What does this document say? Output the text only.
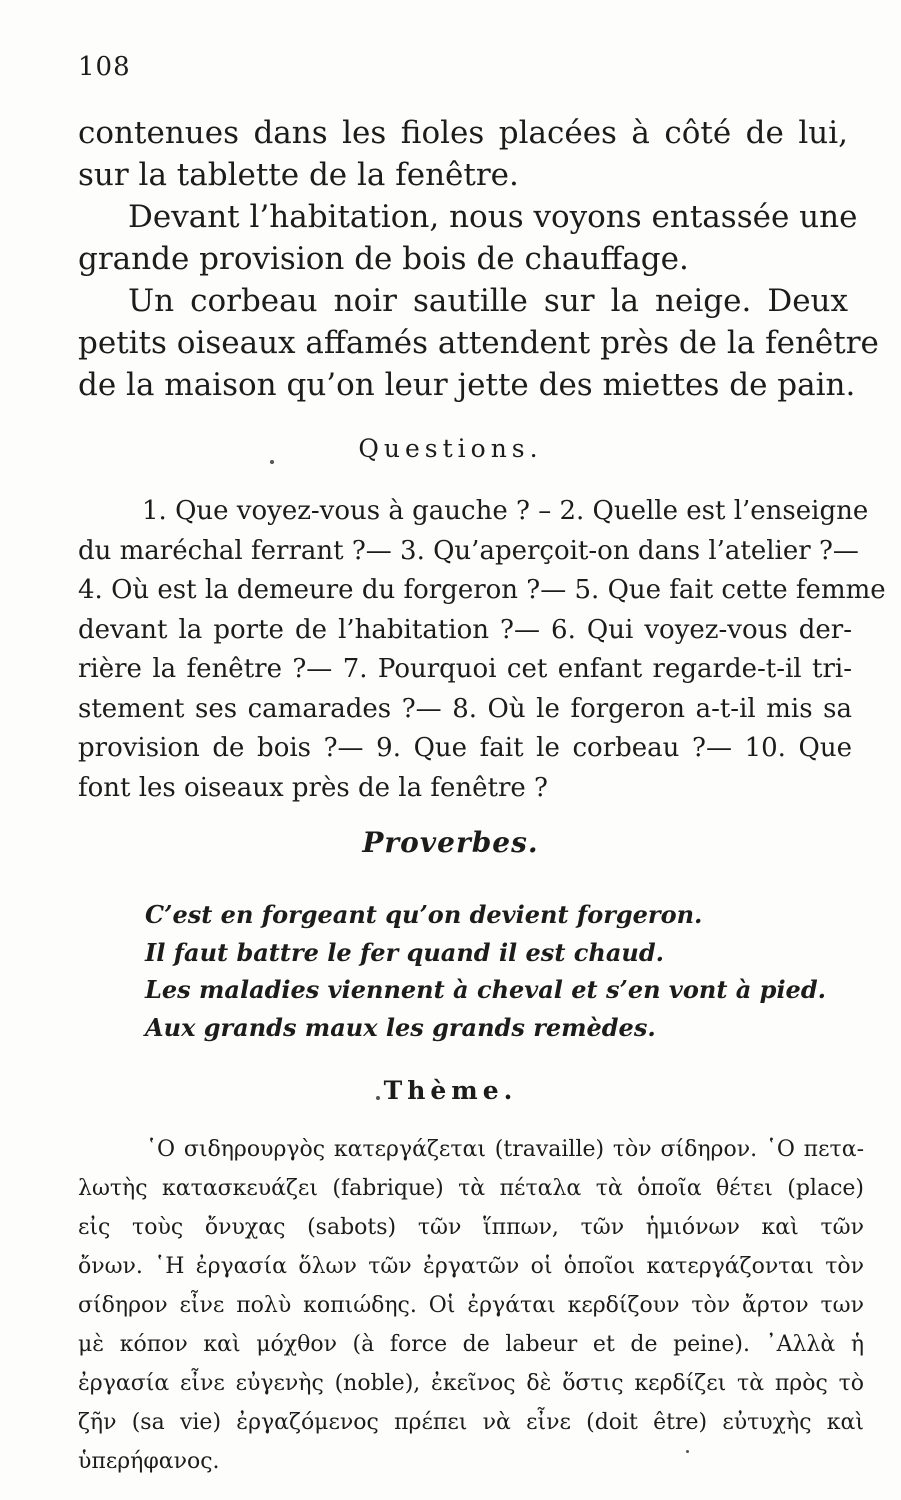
108

contenues dans les fioles placées à côté de lui,
sur la tablette de la fenêtre.

Devant l’habitation, nous voyons entassée une
grande provision de bois de chauffage.

Un corbeau noir sautille sur la neige. Deux
petits oiseaux affamés attendent près de la fenêtre
de la maison qu’on leur jette des miettes de pain.

Questions.

1. Que voyez-vous à gauche ? – 2. Quelle est l’enseigne
du maréchal ferrant ?— 3. Qu’aperçoit-on dans l’atelier ?—
4. Où est la demeure du forgeron ?— 5. Que fait cette femme
devant la porte de l’habitation ?— 6. Qui voyez-vous der-
rière la fenêtre ?— 7. Pourquoi cet enfant regarde-t-il tri-
stement ses camarades ?— 8. Où le forgeron a-t-il mis sa
provision de bois ?— 9. Que fait le corbeau ?— 10. Que
font les oiseaux près de la fenêtre ?

Proverbes.

C’est en forgeant qu’on devient forgeron.
Il faut battre le fer quand il est chaud.
Les maladies viennent à cheval et s’en vont à pied.
Aux grands maux les grands remèdes.

Thème.

῾Ο σιδηρουργὸς κατεργάζεται (travaille) τὸν σίδηρον. ῾Ο πετα-
λωτὴς κατασκευάζει (fabrique) τὰ πέταλα τὰ ὁποῖα θέτει (place)
εἰς τοὺς ὄνυχας (sabots) τῶν ἵππων, τῶν ἡμιόνων καὶ τῶν
ὄνων. ῾Η ἐργασία ὅλων τῶν ἐργατῶν οἱ ὁποῖοι κατεργάζονται τὸν
σίδηρον εἶνε πολὺ κοπιώδης. Οἱ ἐργάται κερδίζουν τὸν ἄρτον των
μὲ κόπον καὶ μόχθον (à force de labeur et de peine). ᾿Αλλὰ ἡ
ἐργασία εἶνε εὐγενὴς (noble), ἐκεῖνος δὲ ὅστις κερδίζει τὰ πρὸς τὸ
ζῆν (sa vie) ἐργαζόμενος πρέπει νὰ εἶνε (doit être) εὐτυχὴς καὶ
ὑπερήφανος.
